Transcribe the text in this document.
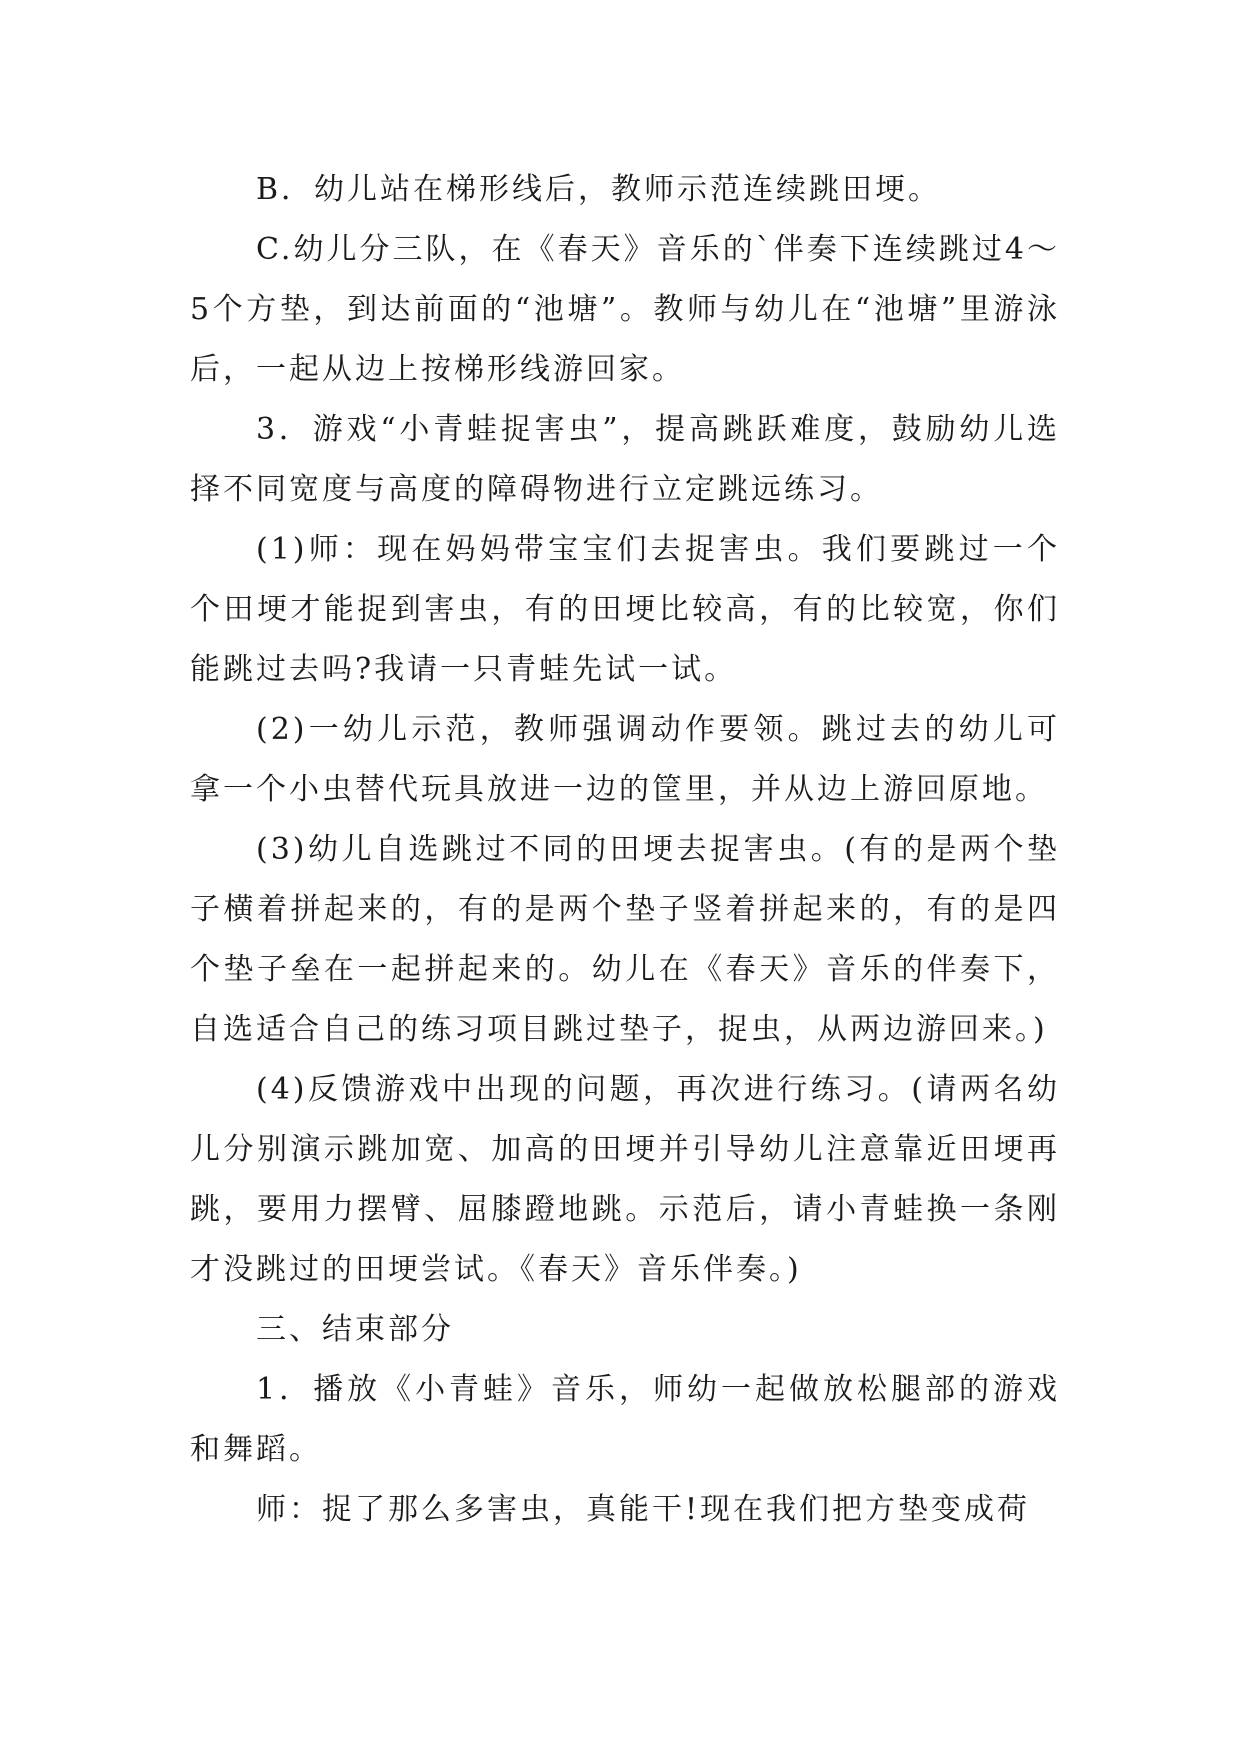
B．幼儿站在梯形线后，教师示范连续跳田埂。

C.幼儿分三队，在《春天》音乐的`伴奏下连续跳过4～5个方垫，到达前面的“池塘”。教师与幼儿在“池塘”里游泳后，一起从边上按梯形线游回家。

3．游戏“小青蛙捉害虫”，提高跳跃难度，鼓励幼儿选择不同宽度与高度的障碍物进行立定跳远练习。

(1)师：现在妈妈带宝宝们去捉害虫。我们要跳过一个个田埂才能捉到害虫，有的田埂比较高，有的比较宽，你们能跳过去吗?我请一只青蛙先试一试。

(2)一幼儿示范，教师强调动作要领。跳过去的幼儿可拿一个小虫替代玩具放进一边的筐里，并从边上游回原地。

(3)幼儿自选跳过不同的田埂去捉害虫。(有的是两个垫子横着拼起来的，有的是两个垫子竖着拼起来的，有的是四个垫子垒在一起拼起来的。幼儿在《春天》音乐的伴奏下，自选适合自己的练习项目跳过垫子，捉虫，从两边游回来。)

(4)反馈游戏中出现的问题，再次进行练习。(请两名幼儿分别演示跳加宽、加高的田埂并引导幼儿注意靠近田埂再跳，要用力摆臂、屈膝蹬地跳。示范后，请小青蛙换一条刚才没跳过的田埂尝试。《春天》音乐伴奏。)

三、结束部分

1．播放《小青蛙》音乐，师幼一起做放松腿部的游戏和舞蹈。

师：捉了那么多害虫，真能干!现在我们把方垫变成荷
